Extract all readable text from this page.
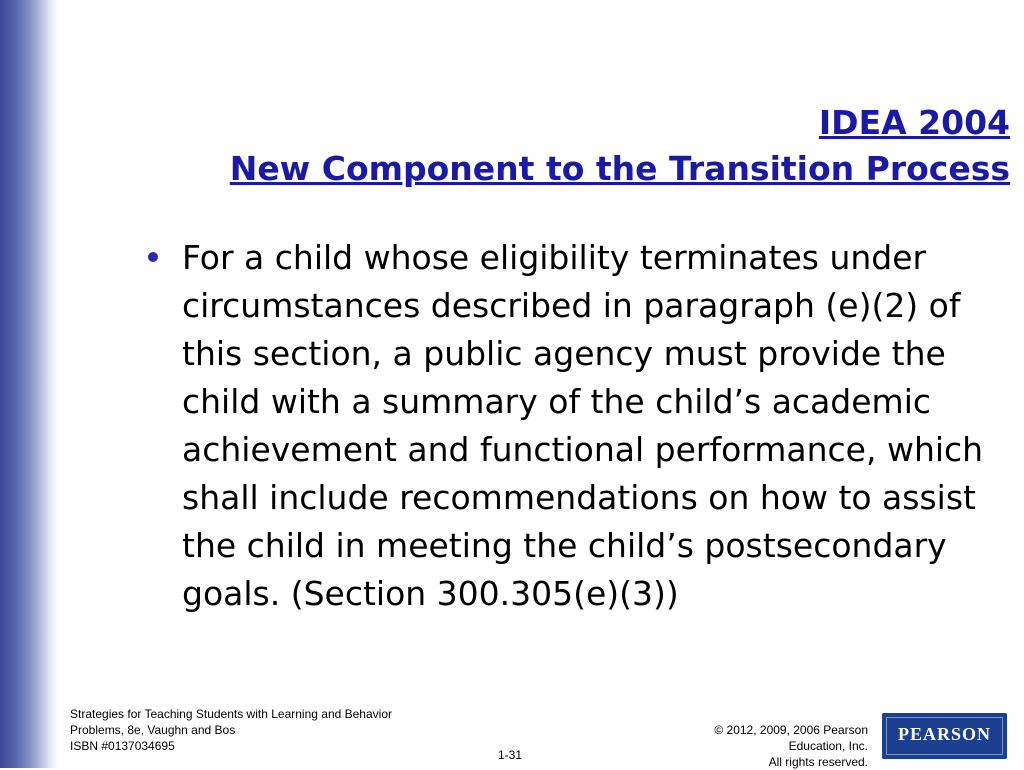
IDEA 2004
New Component to the Transition Process
For a child whose eligibility terminates under circumstances described in paragraph (e)(2) of this section, a public agency must provide the child with a summary of the child’s academic achievement and functional performance, which shall include recommendations on how to assist the child in meeting the child’s postsecondary goals. (Section 300.305(e)(3))
Strategies for Teaching Students with Learning and Behavior
Problems, 8e, Vaughn and Bos
ISBN #0137034695
1-31
© 2012, 2009, 2006 Pearson
Education, Inc.
All rights reserved.
PEARSON
